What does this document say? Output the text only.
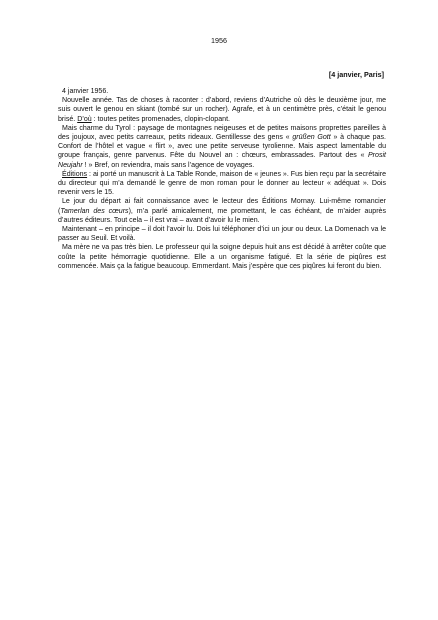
1956
[4 janvier, Paris]

4 janvier 1956.

Nouvelle année. Tas de choses à raconter : d’abord, reviens d’Autriche où dès le deuxième jour, me suis ouvert le genou en skiant (tombé sur un rocher). Agrafe, et à un centimètre près, c’était le genou brisé. D’où : toutes petites promenades, clopin-clopant.

Mais charme du Tyrol : paysage de montagnes neigeuses et de petites maisons proprettes pareilles à des joujoux, avec petits carreaux, petits rideaux. Gentillesse des gens « grüßen Gott » à chaque pas. Confort de l’hôtel et vague « flirt », avec une petite serveuse tyrolienne. Mais aspect lamentable du groupe français, genre parvenus. Fête du Nouvel an : chœurs, embrassades. Partout des « Prosit Neujahr ! » Bref, on reviendra, mais sans l’agence de voyages.

Éditions : ai porté un manuscrit à La Table Ronde, maison de « jeunes ». Fus bien reçu par la secrétaire du directeur qui m’a demandé le genre de mon roman pour le donner au lecteur « adéquat ». Dois revenir vers le 15.

Le jour du départ ai fait connaissance avec le lecteur des Éditions Mornay. Lui-même romancier (Tamerlan des cœurs), m’a parlé amicalement, me promettant, le cas échéant, de m’aider auprès d’autres éditeurs. Tout cela – il est vrai – avant d’avoir lu le mien.

Maintenant – en principe – il doit l’avoir lu. Dois lui téléphoner d’ici un jour ou deux. La Domenach va le passer au Seuil. Et voilà.

Ma mère ne va pas très bien. Le professeur qui la soigne depuis huit ans est décidé à arrêter coûte que coûte la petite hémorragie quotidienne. Elle a un organisme fatigué. Et la série de piqûres est commencée. Mais ça la fatigue beaucoup. Emmerdant. Mais j’espère que ces piqûres lui feront du bien.
